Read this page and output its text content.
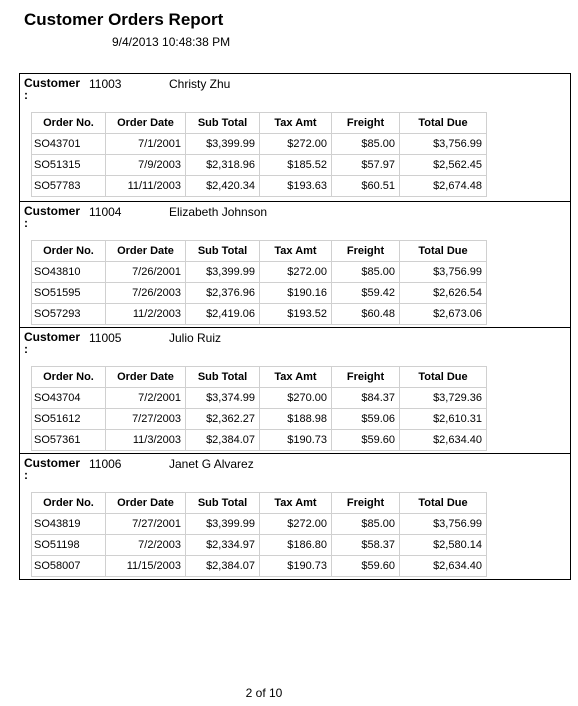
Customer Orders Report
9/4/2013 10:48:38 PM
Customer
:
11003	Christy Zhu
Order No.	Order Date	Sub Total	Tax Amt	Freight	Total Due
SO43701	7/1/2001	$3,399.99	$272.00	$85.00	$3,756.99
SO51315	7/9/2003	$2,318.96	$185.52	$57.97	$2,562.45
SO57783	11/11/2003	$2,420.34	$193.63	$60.51	$2,674.48
Customer
:
11004	Elizabeth Johnson
Order No.	Order Date	Sub Total	Tax Amt	Freight	Total Due
SO43810	7/26/2001	$3,399.99	$272.00	$85.00	$3,756.99
SO51595	7/26/2003	$2,376.96	$190.16	$59.42	$2,626.54
SO57293	11/2/2003	$2,419.06	$193.52	$60.48	$2,673.06
Customer
:
11005	Julio Ruiz
Order No.	Order Date	Sub Total	Tax Amt	Freight	Total Due
SO43704	7/2/2001	$3,374.99	$270.00	$84.37	$3,729.36
SO51612	7/27/2003	$2,362.27	$188.98	$59.06	$2,610.31
SO57361	11/3/2003	$2,384.07	$190.73	$59.60	$2,634.40
Customer
:
11006	Janet G Alvarez
Order No.	Order Date	Sub Total	Tax Amt	Freight	Total Due
SO43819	7/27/2001	$3,399.99	$272.00	$85.00	$3,756.99
SO51198	7/2/2003	$2,334.97	$186.80	$58.37	$2,580.14
SO58007	11/15/2003	$2,384.07	$190.73	$59.60	$2,634.40
2 of 10
